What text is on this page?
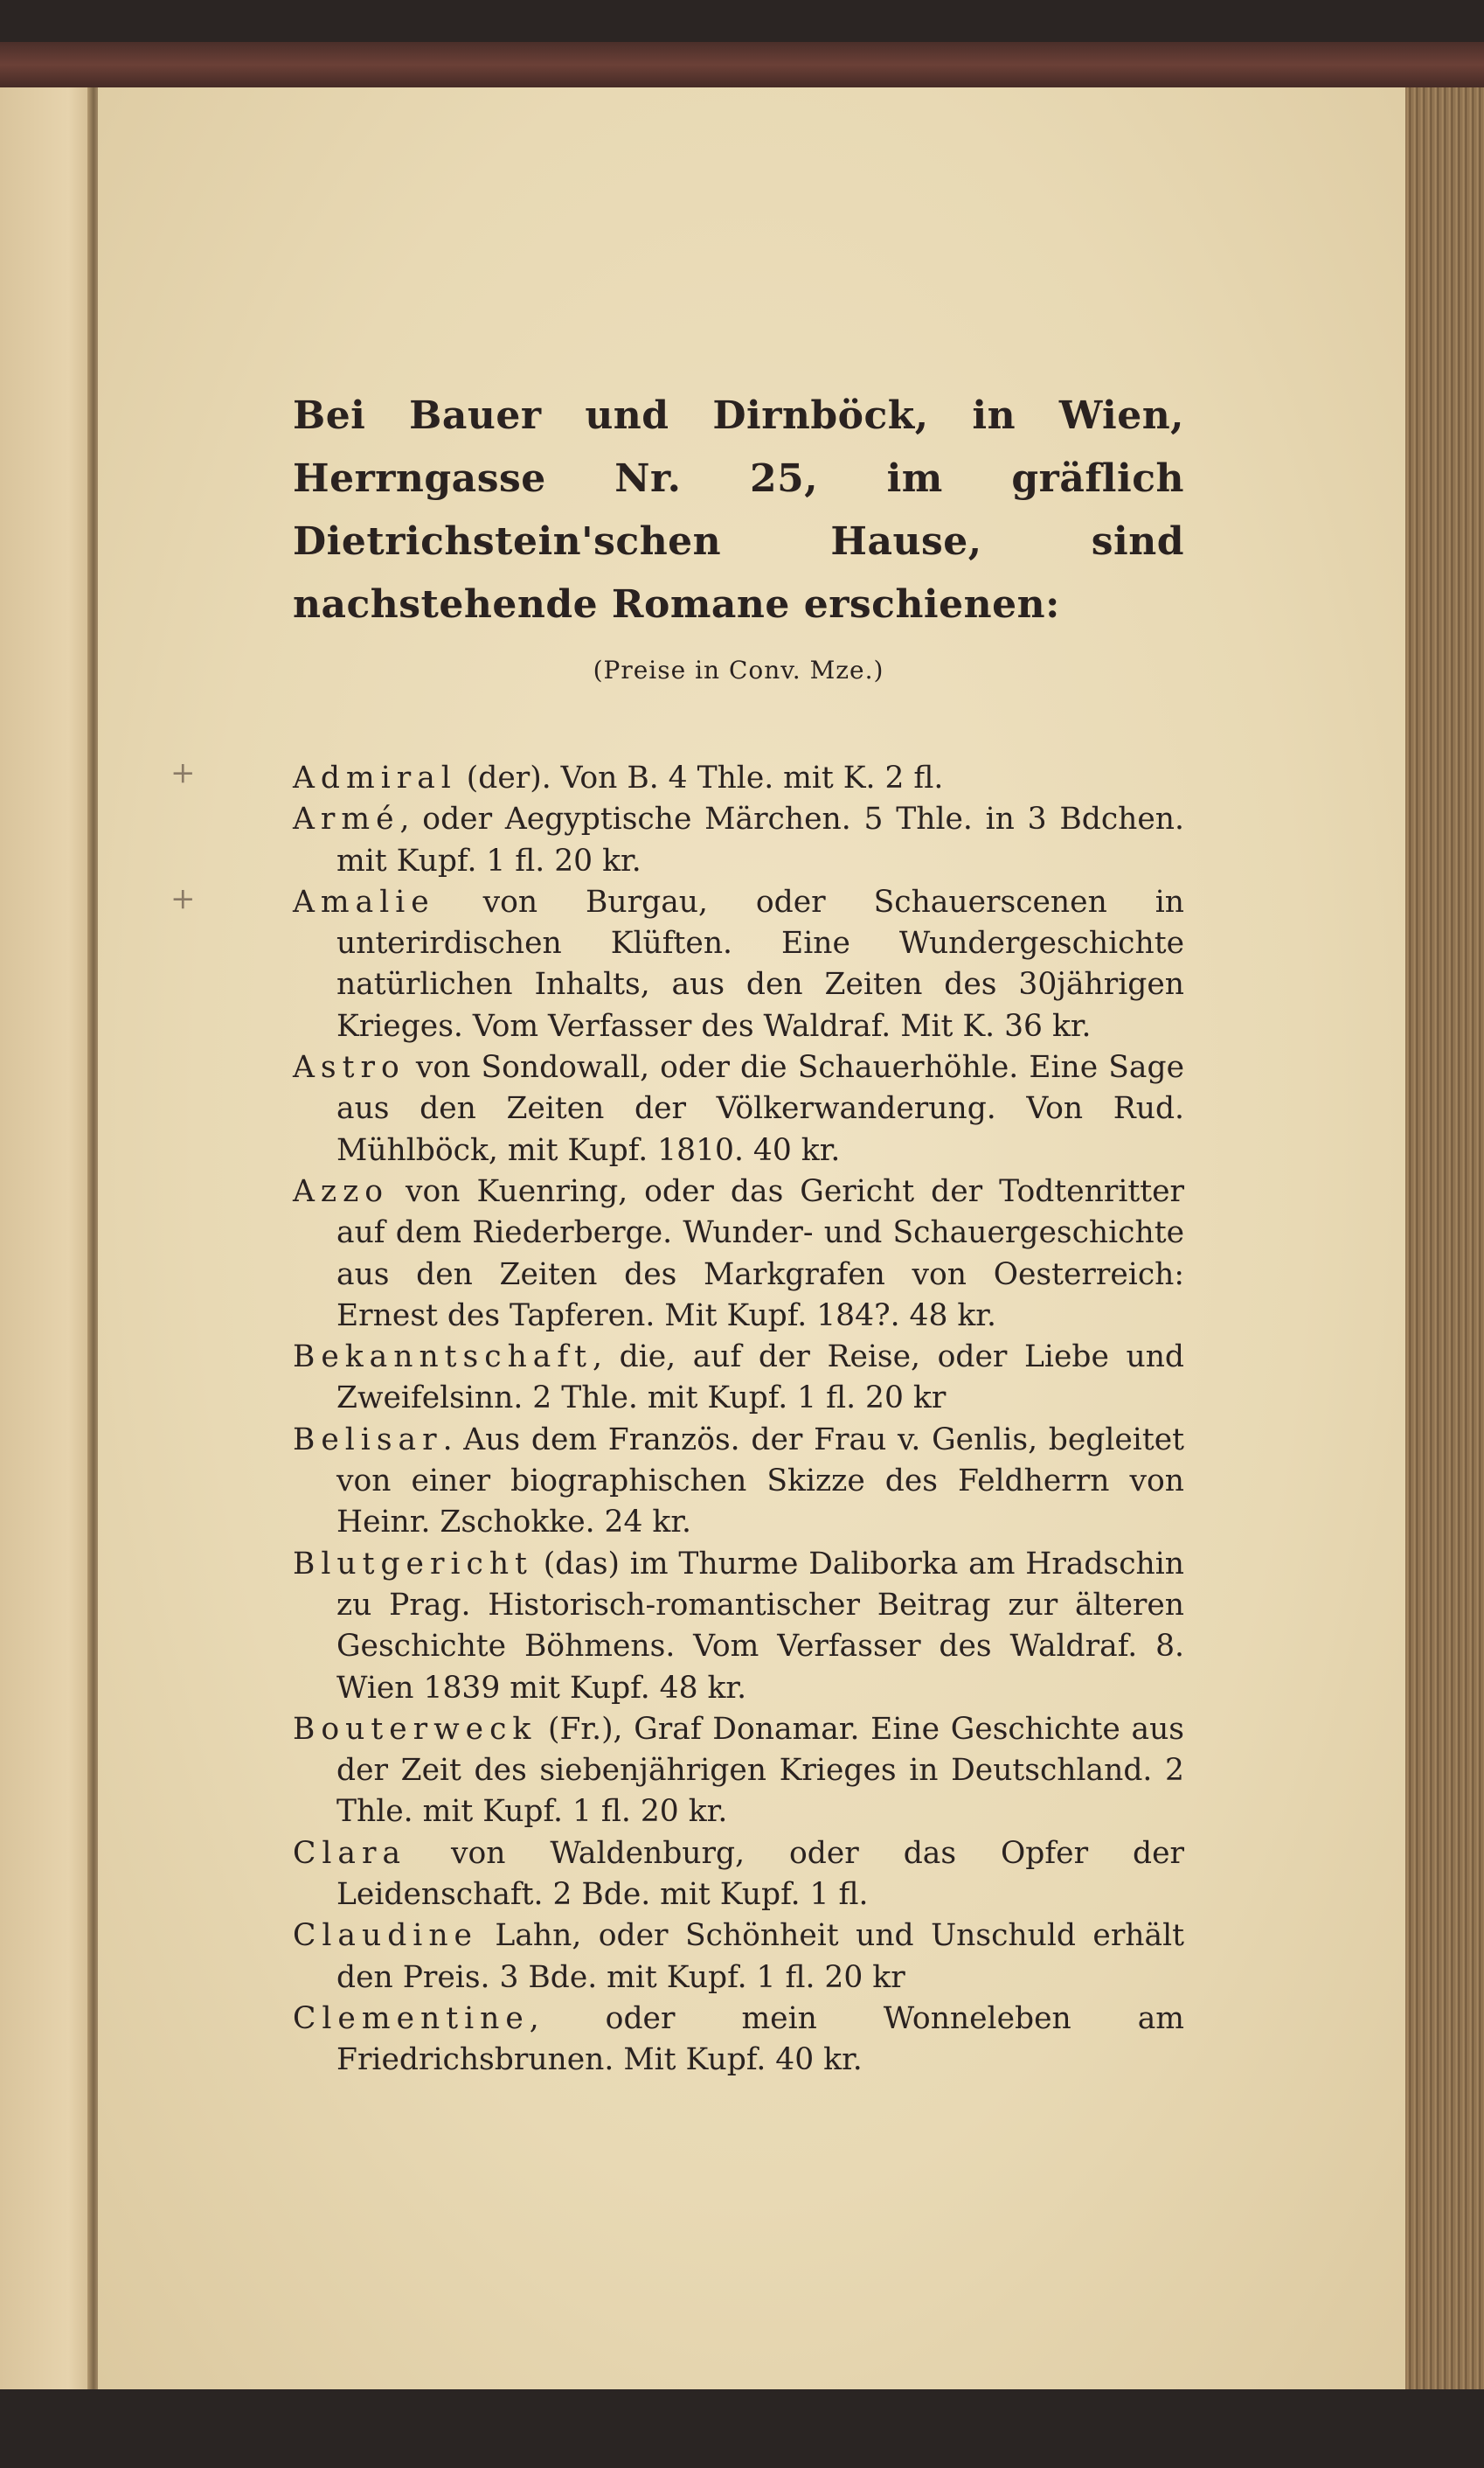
Bei Bauer und Dirnböck, in Wien, Herrngasse Nr. 25, im gräflich Dietrichstein'schen Hause, sind nachstehende Romane erschienen:

(Preise in Conv. Mze.)
+	Admiral (der). Von B. 4 Thle. mit K. 2 fl.
Armé, oder Aegyptische Märchen. 5 Thle. in 3 Bdchen. mit Kupf. 1 fl. 20 kr.
+	Amalie von Burgau, oder Schauerscenen in unterirdischen Klüften. Eine Wundergeschichte natürlichen Inhalts, aus den Zeiten des 30jährigen Krieges. Vom Verfasser des Waldraf. Mit K. 36 kr.
Astro von Sondowall, oder die Schauerhöhle. Eine Sage aus den Zeiten der Völkerwanderung. Von Rud. Mühlböck, mit Kupf. 1810. 40 kr.
Azzo von Kuenring, oder das Gericht der Todtenritter auf dem Riederberge. Wunder- und Schauergeschichte aus den Zeiten des Markgrafen von Oesterreich: Ernest des Tapferen. Mit Kupf. 184?. 48 kr.
Bekanntschaft, die, auf der Reise, oder Liebe und Zweifelsinn. 2 Thle. mit Kupf. 1 fl. 20 kr
Belisar. Aus dem Französ. der Frau v. Genlis, begleitet von einer biographischen Skizze des Feldherrn von Heinr. Zschokke. 24 kr.
Blutgericht (das) im Thurme Daliborka am Hradschin zu Prag. Historisch-romantischer Beitrag zur älteren Geschichte Böhmens. Vom Verfasser des Waldraf. 8. Wien 1839 mit Kupf. 48 kr.
Bouterweck (Fr.), Graf Donamar. Eine Geschichte aus der Zeit des siebenjährigen Krieges in Deutschland. 2 Thle. mit Kupf. 1 fl. 20 kr.
Clara von Waldenburg, oder das Opfer der Leidenschaft. 2 Bde. mit Kupf. 1 fl.
Claudine Lahn, oder Schönheit und Unschuld erhält den Preis. 3 Bde. mit Kupf. 1 fl. 20 kr
Clementine, oder mein Wonneleben am Friedrichsbrunen. Mit Kupf. 40 kr.
